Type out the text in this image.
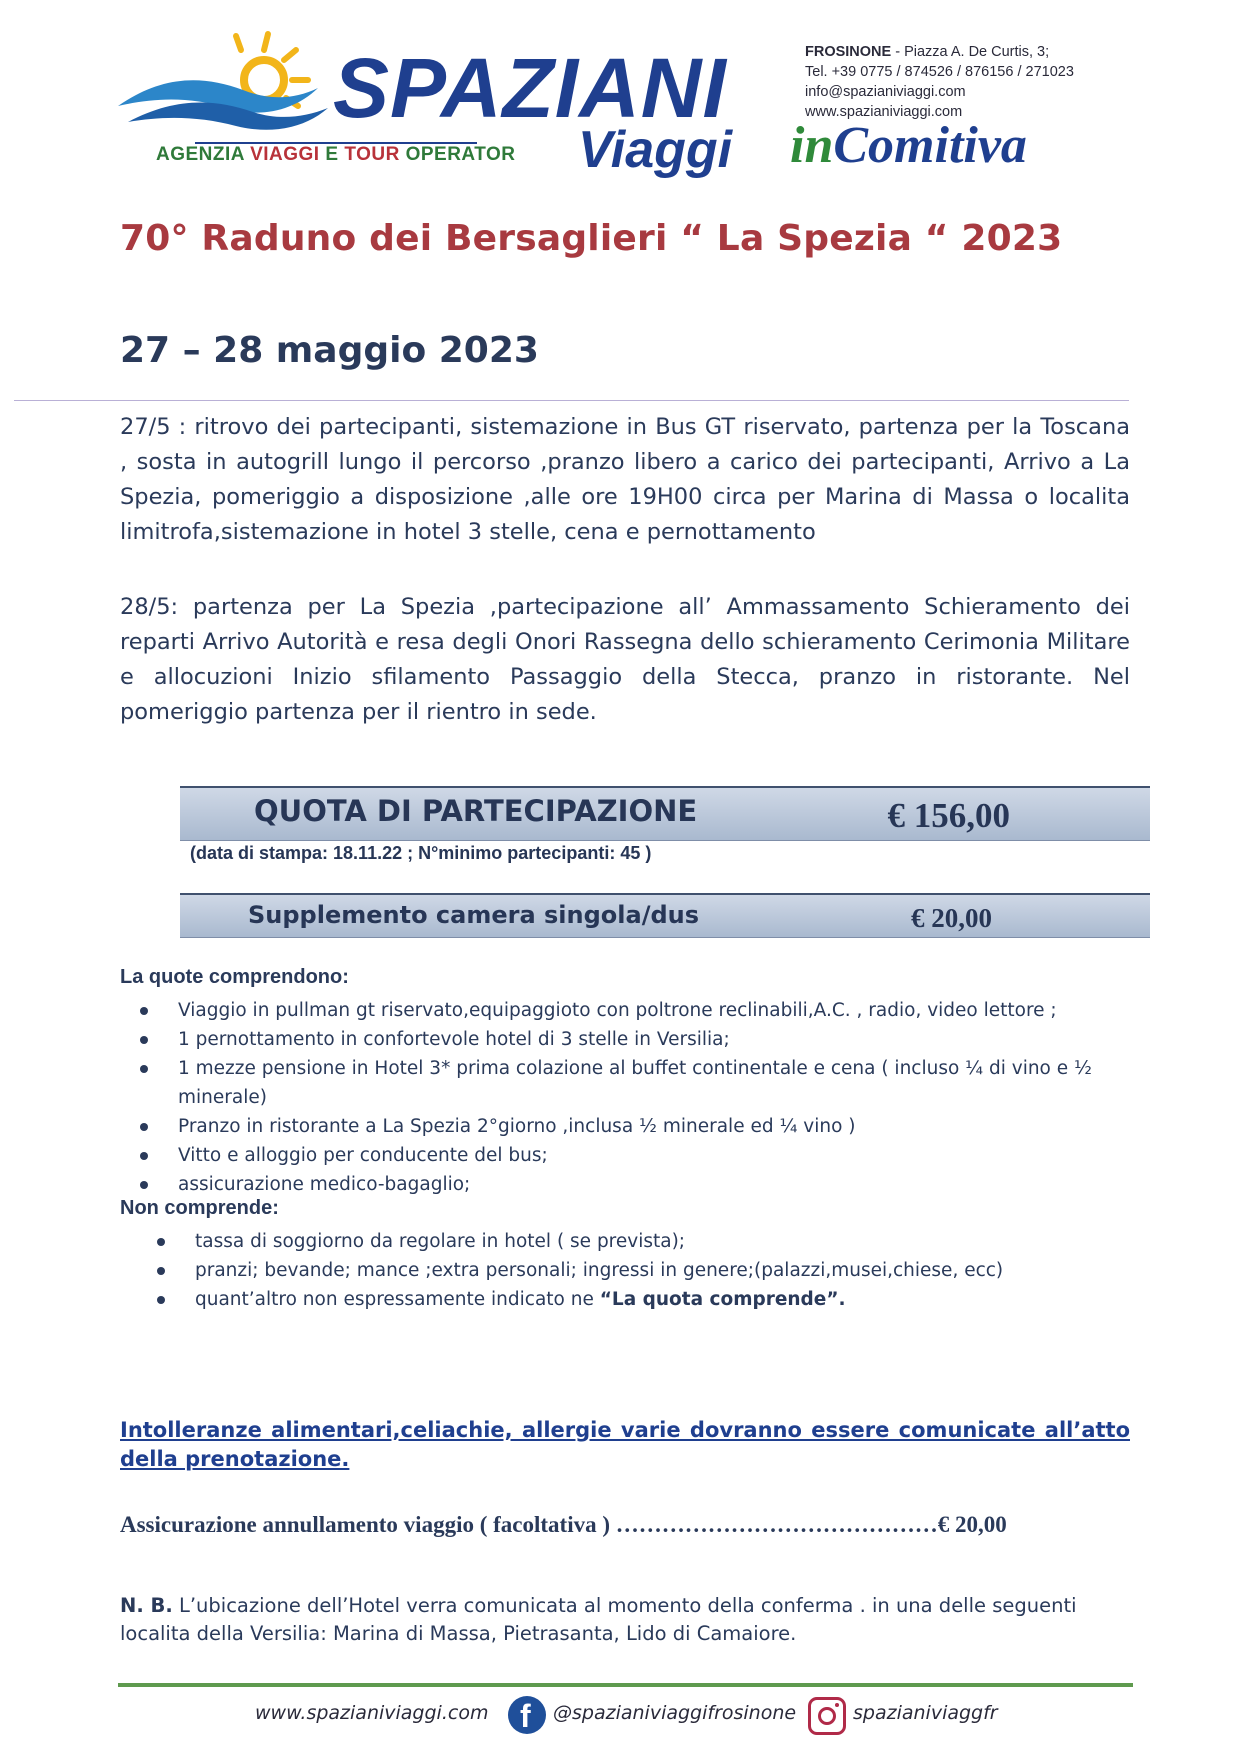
SPAZIANI
AGENZIA VIAGGI E TOUR OPERATOR Viaggi
FROSINONE - Piazza A. De Curtis, 3;
Tel. +39 0775 / 874526 / 876156 / 271023
info@spazianiviaggi.com
www.spazianiviaggi.com
inComitiva
70° Raduno dei Bersaglieri “ La Spezia “ 2023
27 – 28 maggio 2023
27/5 : ritrovo dei partecipanti, sistemazione in Bus GT riservato, partenza per la Toscana , sosta in autogrill lungo il percorso ,pranzo libero a carico dei partecipanti, Arrivo a La Spezia, pomeriggio a disposizione ,alle ore 19H00 circa per Marina di Massa o localita limitrofa,sistemazione in hotel 3 stelle, cena e pernottamento
28/5: partenza per La Spezia ,partecipazione all’ Ammassamento Schieramento dei reparti Arrivo Autorità e resa degli Onori Rassegna dello schieramento Cerimonia Militare e allocuzioni Inizio sfilamento Passaggio della Stecca, pranzo in ristorante. Nel pomeriggio partenza per il rientro in sede.
QUOTA DI PARTECIPAZIONE	€ 156,00
(data di stampa: 18.11.22 ; N°minimo partecipanti: 45 )
Supplemento camera singola/dus	€ 20,00
La quote comprendono:
Viaggio in pullman gt riservato,equipaggioto con poltrone reclinabili,A.C. , radio, video lettore ;
1 pernottamento in confortevole hotel di 3 stelle in Versilia;
1 mezze pensione in Hotel 3* prima colazione al buffet continentale e cena ( incluso ¼ di vino e ½ minerale)
Pranzo in ristorante a La Spezia 2°giorno ,inclusa ½ minerale ed ¼ vino )
Vitto e alloggio per conducente del bus;
assicurazione medico-bagaglio;
Non comprende:
tassa di soggiorno da regolare in hotel ( se prevista);
pranzi; bevande; mance ;extra personali; ingressi in genere;(palazzi,musei,chiese, ecc)
quant’altro non espressamente indicato ne “La quota comprende”.
Intolleranze alimentari,celiachie, allergie varie dovranno essere comunicate all’atto della prenotazione.
Assicurazione annullamento viaggio ( facoltativa ) ……………………………………€ 20,00
N. B. L’ubicazione dell’Hotel verra comunicata al momento della conferma . in una delle seguenti localita della Versilia: Marina di Massa, Pietrasanta, Lido di Camaiore.
www.spazianiviaggi.com f @spazianiviaggifrosinone	spazianiviaggfr
